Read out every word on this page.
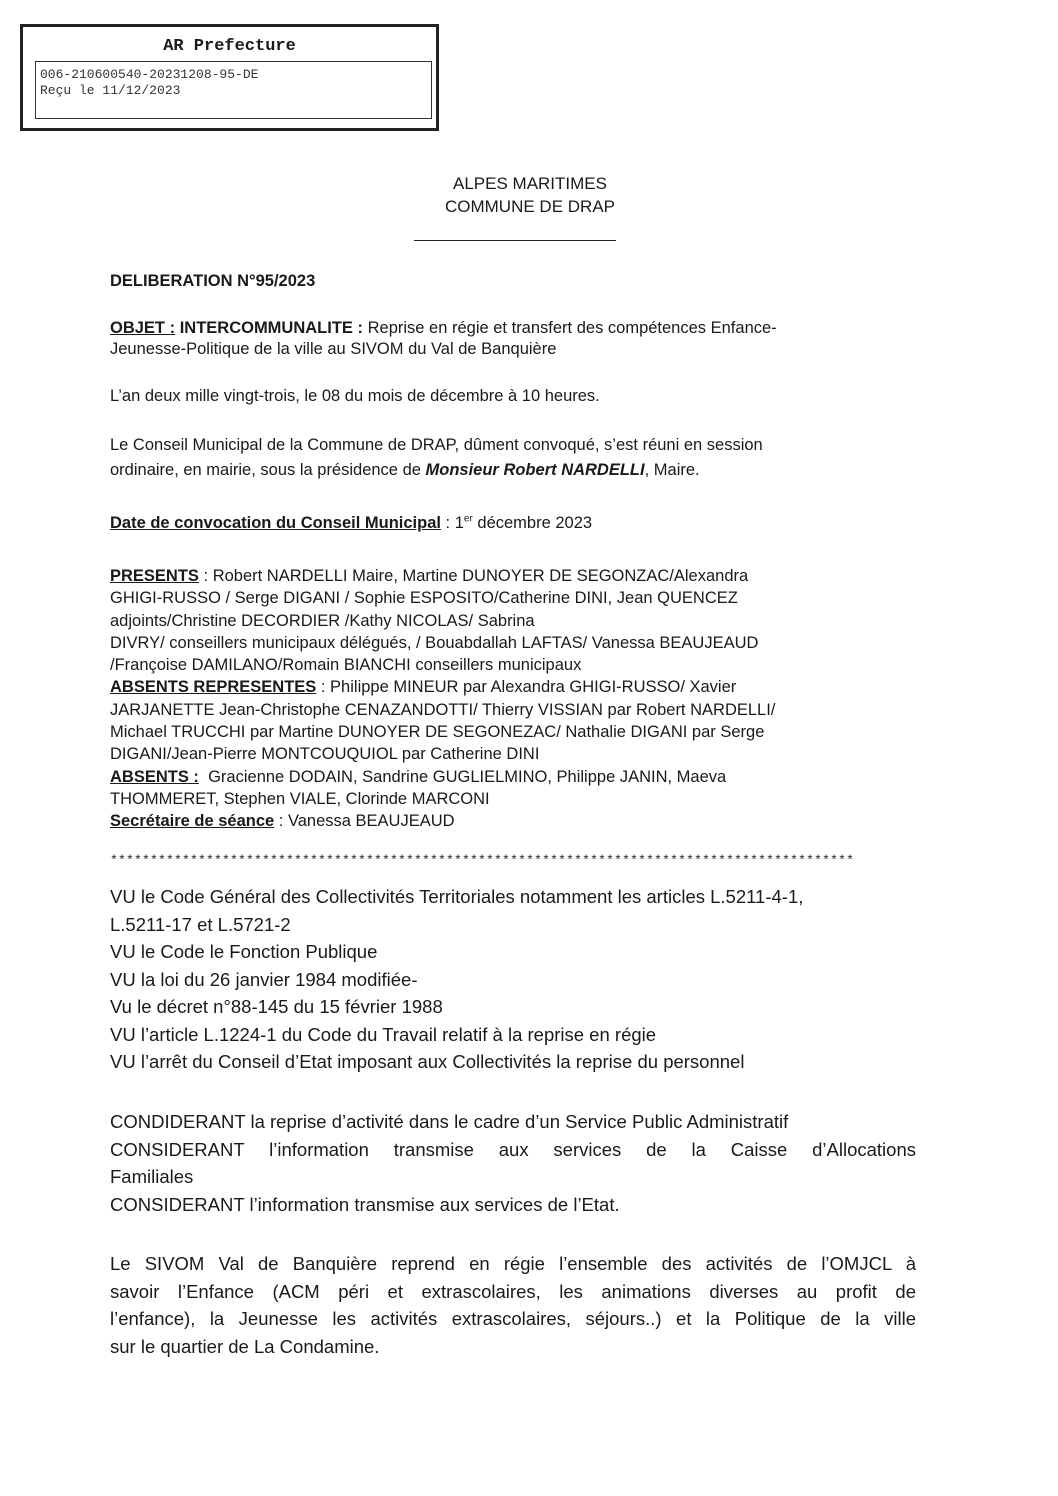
AR Prefecture
006-210600540-20231208-95-DE
Reçu le 11/12/2023
ALPES MARITIMES
COMMUNE DE DRAP
DELIBERATION N°95/2023
OBJET : INTERCOMMUNALITE : Reprise en régie et transfert des compétences Enfance-
Jeunesse-Politique de la ville au SIVOM du Val de Banquière
L’an deux mille vingt-trois, le 08 du mois de décembre à 10 heures.
Le Conseil Municipal de la Commune de DRAP, dûment convoqué, s’est réuni en session
ordinaire, en mairie, sous la présidence de Monsieur Robert NARDELLI, Maire.
Date de convocation du Conseil Municipal : 1er décembre 2023
PRESENTS : Robert NARDELLI Maire, Martine DUNOYER DE SEGONZAC/Alexandra
GHIGI-RUSSO / Serge DIGANI / Sophie ESPOSITO/Catherine DINI, Jean QUENCEZ
adjoints/Christine DECORDIER /Kathy NICOLAS/ Sabrina
DIVRY/ conseillers municipaux délégués, / Bouabdallah LAFTAS/ Vanessa BEAUJEAUD
/Françoise DAMILANO/Romain BIANCHI conseillers municipaux
ABSENTS REPRESENTES : Philippe MINEUR par Alexandra GHIGI-RUSSO/ Xavier
JARJANETTE Jean-Christophe CENAZANDOTTI/ Thierry VISSIAN par Robert NARDELLI/
Michael TRUCCHI par Martine DUNOYER DE SEGONEZAC/ Nathalie DIGANI par Serge
DIGANI/Jean-Pierre MONTCOUQUIOL par Catherine DINI
ABSENTS :  Gracienne DODAIN, Sandrine GUGLIELMINO, Philippe JANIN, Maeva
THOMMERET, Stephen VIALE, Clorinde MARCONI
Secrétaire de séance : Vanessa BEAUJEAUD
*********************************************************************************************
VU le Code Général des Collectivités Territoriales notamment les articles L.5211-4-1,
L.5211-17 et L.5721-2
VU le Code le Fonction Publique
VU la loi du 26 janvier 1984 modifiée-
Vu le décret n°88-145 du 15 février 1988
VU l’article L.1224-1 du Code du Travail relatif à la reprise en régie
VU l’arrêt du Conseil d’Etat imposant aux Collectivités la reprise du personnel
CONDIDERANT la reprise d’activité dans le cadre d’un Service Public Administratif
CONSIDERANT l’information transmise aux services de la Caisse d’Allocations
Familiales
CONSIDERANT l’information transmise aux services de l’Etat.
Le SIVOM Val de Banquière reprend en régie l’ensemble des activités de l’OMJCL à
savoir l’Enfance (ACM péri et extrascolaires, les animations diverses au profit de
l’enfance), la Jeunesse les activités extrascolaires, séjours..) et la Politique de la ville
sur le quartier de La Condamine.
